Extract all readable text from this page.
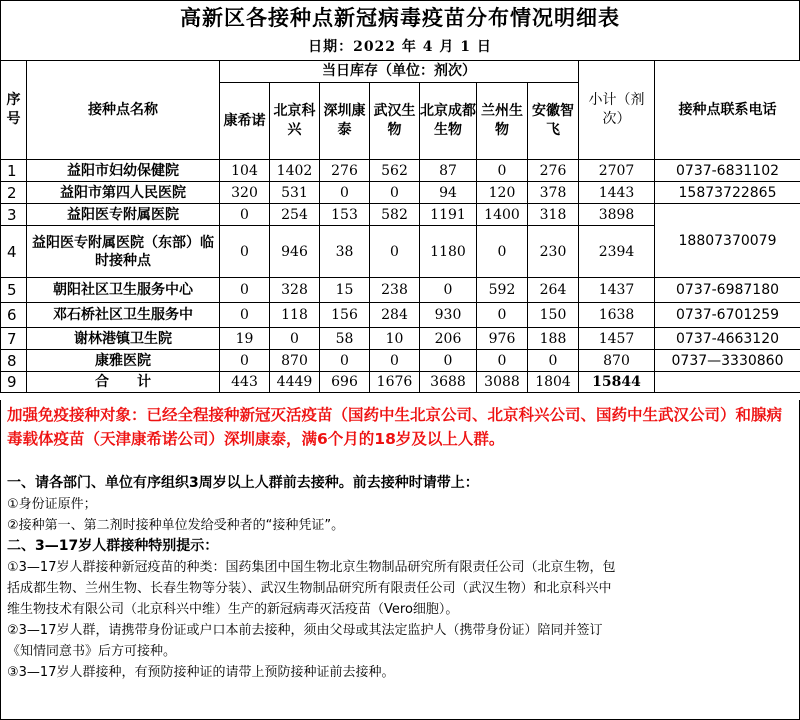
高新区各接种点新冠病毒疫苗分布情况明细表
日期：2022 年 4 月 1 日
序号	接种点名称	当日库存（单位：剂次）							小计（剂次）	接种点联系电话
		康希诺	北京科兴	深圳康泰	武汉生物	北京成都生物	兰州生物	安徽智飞		
1	益阳市妇幼保健院	104	1402	276	562	87	0	276	2707	0737-6831102
2	益阳市第四人民医院	320	531	0	0	94	120	378	1443	15873722865
3	益阳医专附属医院	0	254	153	582	1191	1400	318	3898	18807370079
4	益阳医专附属医院（东部）临时接种点	0	946	38	0	1180	0	230	2394	
5	朝阳社区卫生服务中心	0	328	15	238	0	592	264	1437	0737-6987180
6	邓石桥社区卫生服务中	0	118	156	284	930	0	150	1638	0737-6701259
7	谢林港镇卫生院	19	0	58	10	206	976	188	1457	0737-4663120
8	康雅医院	0	870	0	0	0	0	0	870	0737—3330860
9	合　　计	443	4449	696	1676	3688	3088	1804	15844	
加强免疫接种对象：已经全程接种新冠灭活疫苗（国药中生北京公司、北京科兴公司、国药中生武汉公司）和腺病毒载体疫苗（天津康希诺公司）深圳康泰，满6个月的18岁及以上人群。
一、请各部门、单位有序组织3周岁以上人群前去接种。前去接种时请带上：
①身份证原件；
②接种第一、第二剂时接种单位发给受种者的“接种凭证”。
二、3—17岁人群接种特别提示：
①3—17岁人群接种新冠疫苗的种类：国药集团中国生物北京生物制品研究所有限责任公司（北京生物，包
括成都生物、兰州生物、长春生物等分装）、武汉生物制品研究所有限责任公司（武汉生物）和北京科兴中
维生物技术有限公司（北京科兴中维）生产的新冠病毒灭活疫苗（Vero细胞）。
②3—17岁人群，请携带身份证或户口本前去接种，须由父母或其法定监护人（携带身份证）陪同并签订
《知情同意书》后方可接种。
③3—17岁人群接种，有预防接种证的请带上预防接种证前去接种。
